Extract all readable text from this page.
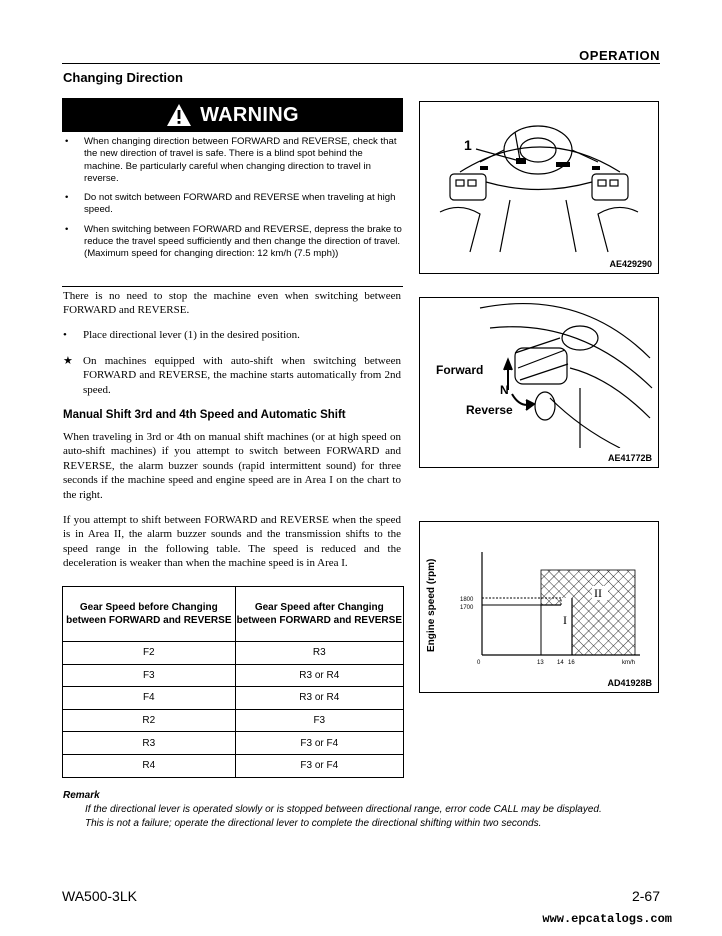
OPERATION
Changing Direction
WARNING
• When changing direction between FORWARD and REVERSE, check that the new direction of travel is safe. There is a blind spot behind the machine. Be particularly careful when changing direction to travel in reverse.
• Do not switch between FORWARD and REVERSE when traveling at high speed.
• When switching between FORWARD and REVERSE, depress the brake to reduce the travel speed sufficiently and then change the direction of travel. (Maximum speed for changing direction: 12 km/h (7.5 mph))
There is no need to stop the machine even when switching between FORWARD and REVERSE.
• Place directional lever (1) in the desired position.
★ On machines equipped with auto-shift when switching between FORWARD and REVERSE, the machine starts automatically from 2nd speed.
Manual Shift 3rd and 4th Speed and Automatic Shift
When traveling in 3rd or 4th on manual shift machines (or at high speed on auto-shift machines) if you attempt to switch between FORWARD and REVERSE, the alarm buzzer sounds (rapid intermittent sound) for three seconds if the machine speed and engine speed are in Area I on the chart to the right.
If you attempt to shift between FORWARD and REVERSE when the speed is in Area II, the alarm buzzer sounds and the transmission shifts to the speed range in the following table. The speed is reduced and the deceleration is weaker than when the machine speed is in Area I.
Gear Speed before Changing between FORWARD and REVERSE	Gear Speed after Changing between FORWARD and REVERSE
F2	R3
F3	R3 or R4
F4	R3 or R4
R2	F3
R3	F3 or F4
R4	F3 or F4
1
AE429290
Forward
N
Reverse
AE41772B
Engine speed (rpm)	1800
1700
0	13 14 16	km/h
I
II
AD41928B
Remark
If the directional lever is operated slowly or is stopped between directional range, error code CALL may be displayed.
This is not a failure; operate the directional lever to complete the directional shifting within two seconds.
WA500-3LK	2-67
www.epcatalogs.com
